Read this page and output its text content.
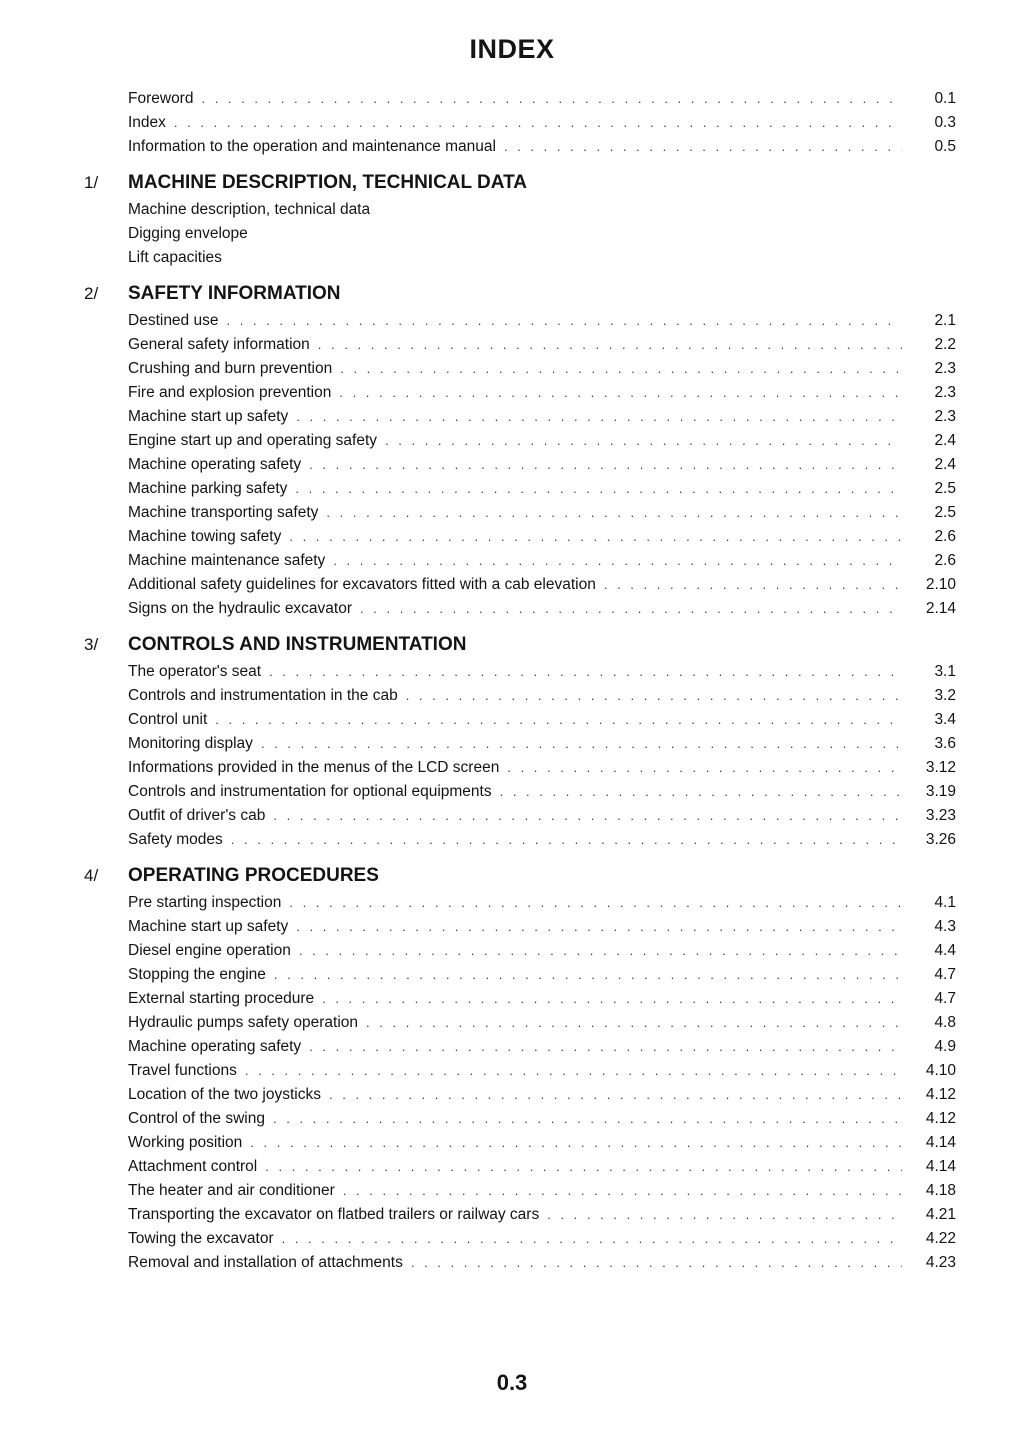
INDEX
Foreword . . .	0.1
Index . . .	0.3
Information to the operation and maintenance manual . . .	0.5
1/	MACHINE DESCRIPTION, TECHNICAL DATA
Machine description, technical data
Digging envelope
Lift capacities
2/	SAFETY INFORMATION
Destined use . . .	2.1
General safety information . . .	2.2
Crushing and burn prevention . . .	2.3
Fire and explosion prevention . . .	2.3
Machine start up safety . . .	2.3
Engine start up and operating safety . . .	2.4
Machine operating safety . . .	2.4
Machine parking safety . . .	2.5
Machine transporting safety . . .	2.5
Machine towing safety . . .	2.6
Machine maintenance safety . . .	2.6
Additional safety guidelines for excavators fitted with a cab elevation . . .	2.10
Signs on the hydraulic excavator . . .	2.14
3/	CONTROLS AND INSTRUMENTATION
The operator's seat . . .	3.1
Controls and instrumentation in the cab . . .	3.2
Control unit . . .	3.4
Monitoring display . . .	3.6
Informations provided in the menus of the LCD screen . . .	3.12
Controls and instrumentation for optional equipments . . .	3.19
Outfit of driver's cab . . .	3.23
Safety modes . . .	3.26
4/	OPERATING PROCEDURES
Pre starting inspection . . .	4.1
Machine start up safety . . .	4.3
Diesel engine operation . . .	4.4
Stopping the engine . . .	4.7
External starting procedure . . .	4.7
Hydraulic pumps safety operation . . .	4.8
Machine operating safety . . .	4.9
Travel functions . . .	4.10
Location of the two joysticks . . .	4.12
Control of the swing . . .	4.12
Working position . . .	4.14
Attachment control . . .	4.14
The heater and air conditioner . . .	4.18
Transporting the excavator on flatbed trailers or railway cars . . .	4.21
Towing the excavator . . .	4.22
Removal and installation of attachments . . .	4.23
0.3
